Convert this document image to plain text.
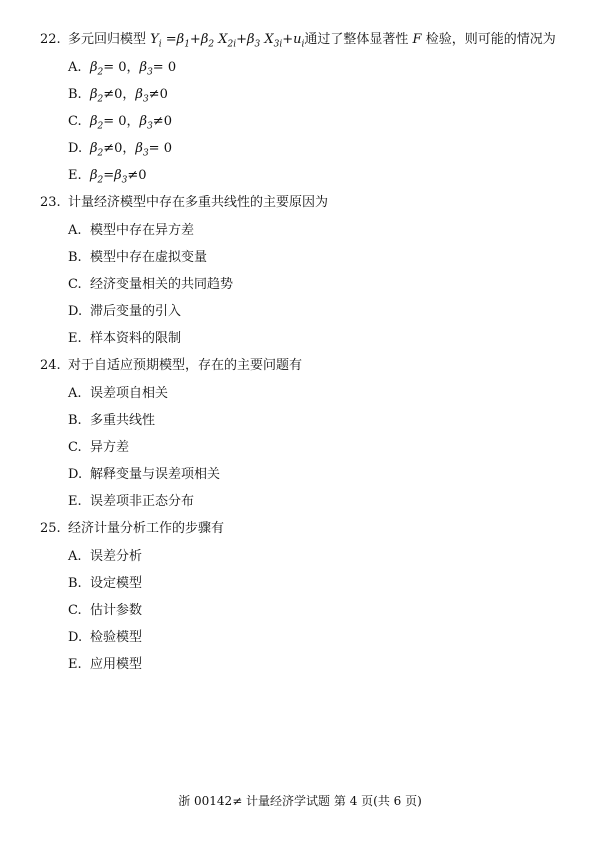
22. 多元回归模型 $Y_i =\beta_1+\beta_2$ $X_{2i}+\beta_3$ $X_{3i}+u_i$通过了整体显著性 F 检验，则可能的情况为
A. $\beta_2= 0$，$\beta_3= 0$
B. $\beta_2\ne 0$，$\beta_3\ne 0$
C. $\beta_2= 0$，$\beta_3\ne 0$
D. $\beta_2\ne 0$，$\beta_3= 0$
E. $\beta_2=\beta_3\ne 0$
23. 计量经济模型中存在多重共线性的主要原因为
A. 模型中存在异方差
B. 模型中存在虚拟变量
C. 经济变量相关的共同趋势
D. 滞后变量的引入
E. 样本资料的限制
24. 对于自适应预期模型，存在的主要问题有
A. 误差项自相关
B. 多重共线性
C. 异方差
D. 解释变量与误差项相关
E. 误差项非正态分布
25. 经济计量分析工作的步骤有
A. 误差分析
B. 设定模型
C. 估计参数
D. 检验模型
E. 应用模型
浙 00142≠ 计量经济学试题 第 4 页(共 6 页)
